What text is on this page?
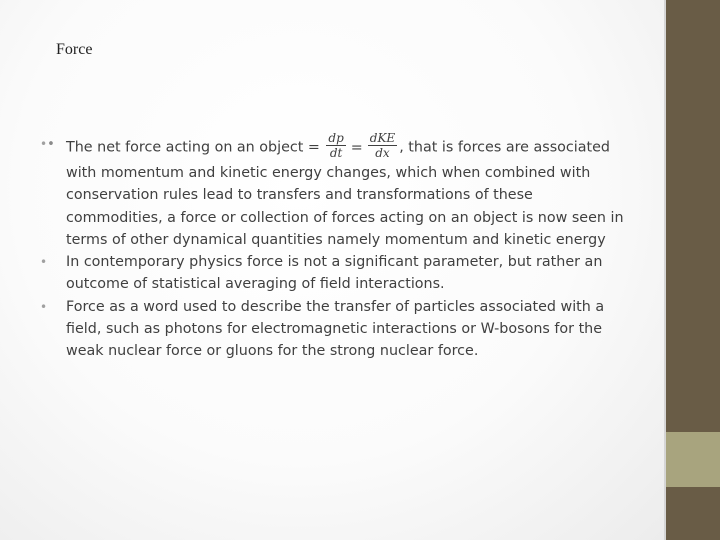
Force
•• The net force acting on an object = $\frac{dp}{dt} = \frac{\text{dKE}}{dx}$ , that is forces are associated with momentum and kinetic energy changes, which when combined with conservation rules lead to transfers and transformations of these commodities, a force or collection of forces acting on an object is now seen in terms of other dynamical quantities namely momentum and kinetic energy
• In contemporary physics force is not a significant parameter, but rather an outcome of statistical averaging of field interactions.
• Force as a word used to describe the transfer of particles associated with a field, such as photons for electromagnetic interactions or W-bosons for the weak nuclear force or gluons for the strong nuclear force.
